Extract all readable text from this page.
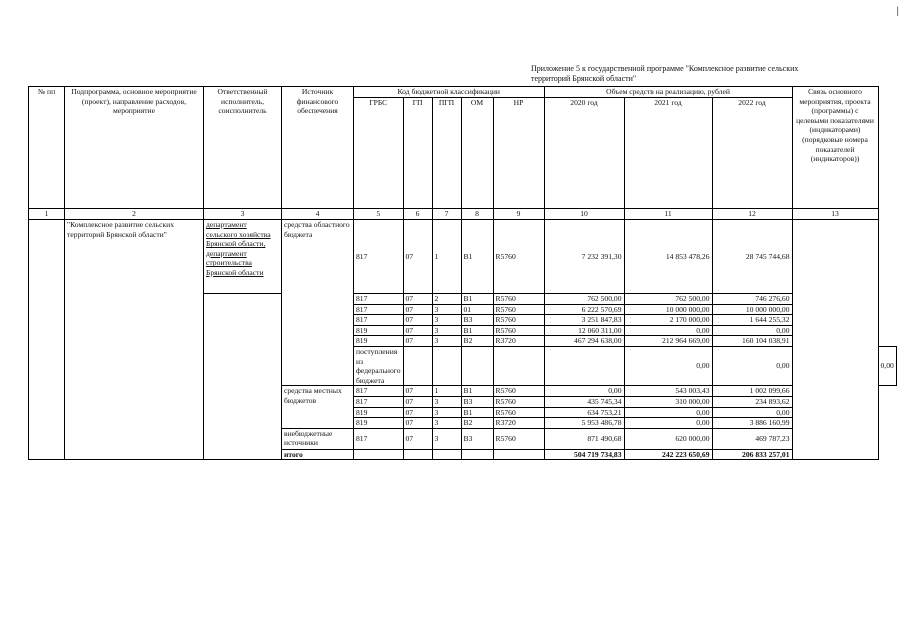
|
Приложение 5 к государственной программе "Комплексное развитие сельских территорий Брянской области"
№ пп	Подпрограмма, основное мероприятие (проект), направление расходов, мероприятие	Ответственный исполнитель, соисполнитель	Источник финансового обеспечения	Код бюджетной классификации					Объем средств на реализацию, рублей			Связь основного мероприятия, проекта (программы) с целевыми показателями (индикаторами) (порядковые номера показателей (индикаторов))	
				ГРБС	ГП	ПГП	ОМ	НР	2020 год	2021 год	2022 год		
1	2	3	4	5	6	7	8	9	10	11	12	13	
	"Комплексное развитие сельских территорий Брянской области"	департамент сельского хозяйства Брянской области, департамент строительства Брянской области	средства областного бюджета	817	07	1	В1	R5760	7 232 391,30	14 853 478,26	28 745 744,68		
				817	07	2	В1	R5760	762 500,00	762 500,00	746 276,60		
				817	07	3	01	R5760	6 222 570,69	10 000 000,00	10 000 000,00		
				817	07	3	В3	R5760	3 251 847,83	2 170 000,00	1 644 255,32		
				819	07	3	В1	R5760	12 060 311,00	0,00	0,00		
				819	07	3	В2	R3720	467 294 638,00	212 964 669,00	160 104 038,91		
				поступления из федерального бюджета						0,00	0,00		0,00
			средства местных бюджетов	817	07	1	В1	R5760	0,00	543 003,43	1 002 099,66		
				817	07	3	В3	R5760	435 745,34	310 000,00	234 893,62		
				819	07	3	В1	R5760	634 753,21	0,00	0,00		
				819	07	3	В2	R3720	5 953 486,78	0,00	3 886 160,99		
			внебюджетные источники	817	07	3	В3	R5760	871 490,68	620 000,00	469 787,23		
			итого						504 719 734,83	242 223 650,69	206 833 257,01		
